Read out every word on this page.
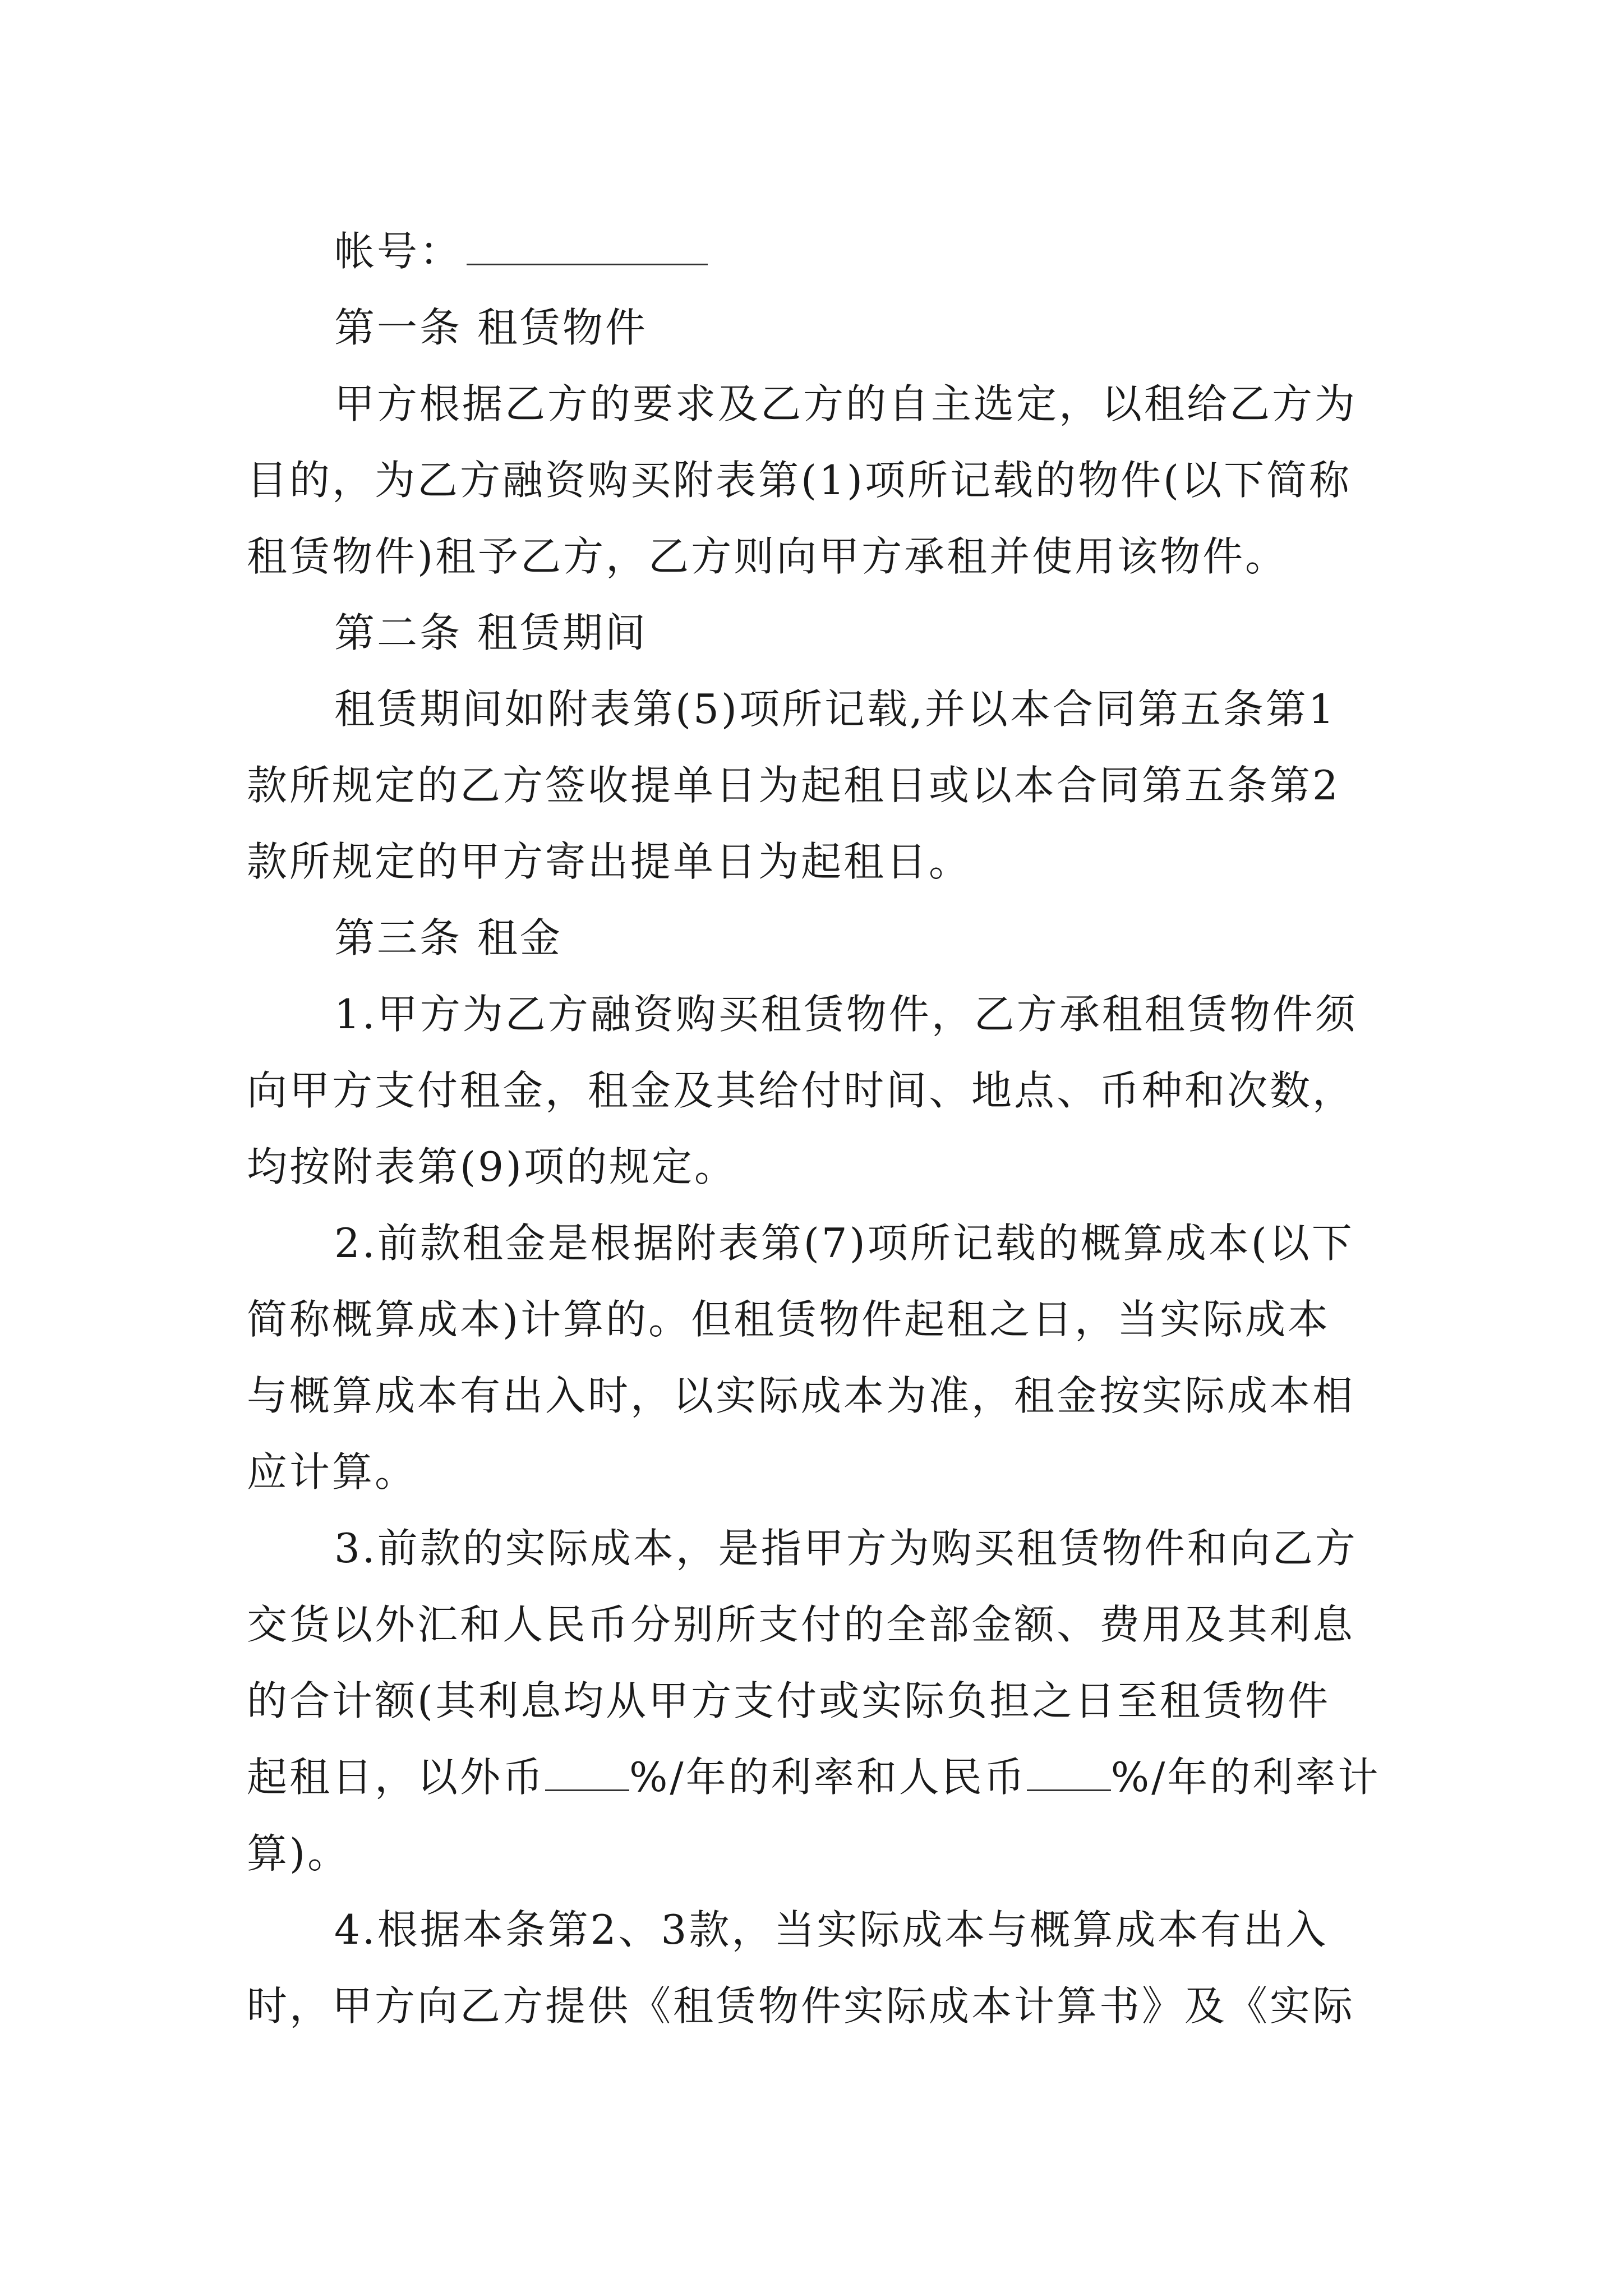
帐号：
第一条 租赁物件
甲方根据乙方的要求及乙方的自主选定，以租给乙方为
目的，为乙方融资购买附表第(1)项所记载的物件(以下简称
租赁物件)租予乙方，乙方则向甲方承租并使用该物件。
第二条 租赁期间
租赁期间如附表第(5)项所记载,并以本合同第五条第1
款所规定的乙方签收提单日为起租日或以本合同第五条第2
款所规定的甲方寄出提单日为起租日。
第三条 租金
1.甲方为乙方融资购买租赁物件，乙方承租租赁物件须
向甲方支付租金，租金及其给付时间、地点、币种和次数，
均按附表第(9)项的规定。
2.前款租金是根据附表第(7)项所记载的概算成本(以下
简称概算成本)计算的。但租赁物件起租之日，当实际成本
与概算成本有出入时，以实际成本为准，租金按实际成本相
应计算。
3.前款的实际成本，是指甲方为购买租赁物件和向乙方
交货以外汇和人民币分别所支付的全部金额、费用及其利息
的合计额(其利息均从甲方支付或实际负担之日至租赁物件
起租日，以外币 %/年的利率和人民币 %/年的利率计
算)。
4.根据本条第2、3款，当实际成本与概算成本有出入
时，甲方向乙方提供《租赁物件实际成本计算书》及《实际
